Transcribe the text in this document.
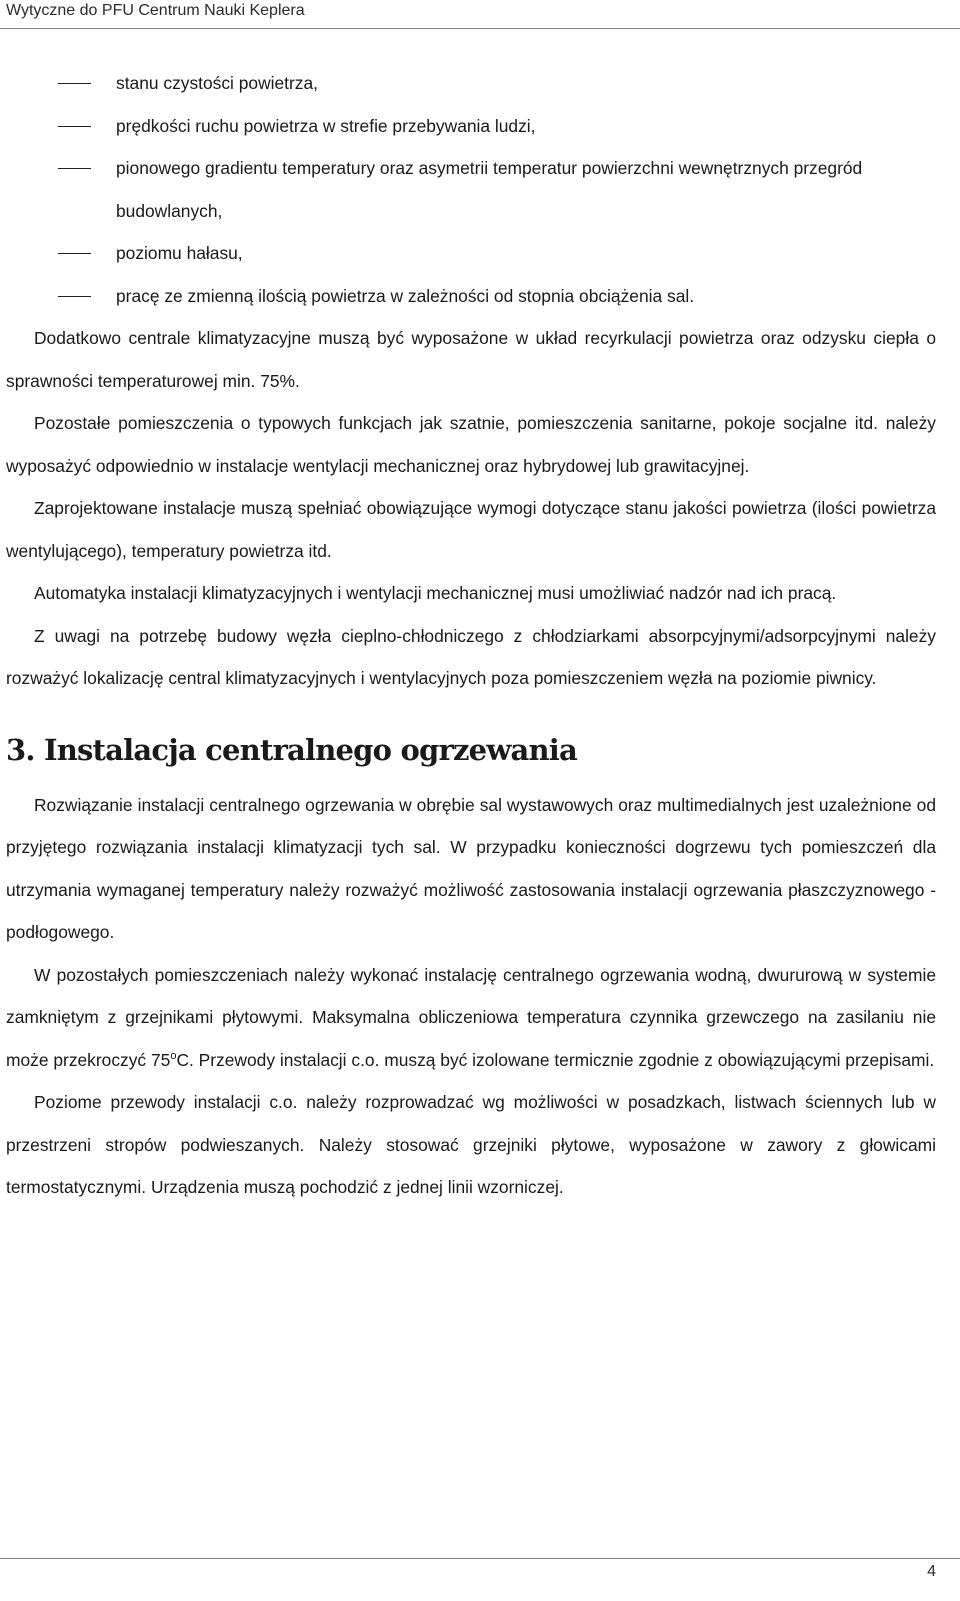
Wytyczne do PFU Centrum Nauki Keplera
stanu czystości powietrza,
prędkości ruchu powietrza w strefie przebywania ludzi,
pionowego gradientu temperatury oraz asymetrii temperatur powierzchni wewnętrznych przegród budowlanych,
poziomu hałasu,
pracę ze zmienną ilością powietrza w zależności od stopnia obciążenia sal.

Dodatkowo centrale klimatyzacyjne muszą być wyposażone w układ recyrkulacji powietrza oraz odzysku ciepła o sprawności temperaturowej min. 75%.

Pozostałe pomieszczenia o typowych funkcjach jak szatnie, pomieszczenia sanitarne, pokoje socjalne itd. należy wyposażyć odpowiednio w instalacje wentylacji mechanicznej oraz hybrydowej lub grawitacyjnej.

Zaprojektowane instalacje muszą spełniać obowiązujące wymogi dotyczące stanu jakości powietrza (ilości powietrza wentylującego), temperatury powietrza itd.

Automatyka instalacji klimatyzacyjnych i wentylacji mechanicznej musi umożliwiać nadzór nad ich pracą.

Z uwagi na potrzebę budowy węzła cieplno-chłodniczego z chłodziarkami absorpcyjnymi/adsorpcyjnymi należy rozważyć lokalizację central klimatyzacyjnych i wentylacyjnych poza pomieszczeniem węzła na poziomie piwnicy.

3. Instalacja centralnego ogrzewania

Rozwiązanie instalacji centralnego ogrzewania w obrębie sal wystawowych oraz multimedialnych jest uzależnione od przyjętego rozwiązania instalacji klimatyzacji tych sal. W przypadku konieczności dogrzewu tych pomieszczeń dla utrzymania wymaganej temperatury należy rozważyć możliwość zastosowania instalacji ogrzewania płaszczyznowego - podłogowego.

W pozostałych pomieszczeniach należy wykonać instalację centralnego ogrzewania wodną, dwururową w systemie zamkniętym z grzejnikami płytowymi. Maksymalna obliczeniowa temperatura czynnika grzewczego na zasilaniu nie może przekroczyć 75$^o$C. Przewody instalacji c.o. muszą być izolowane termicznie zgodnie z obowiązującymi przepisami.

Poziome przewody instalacji c.o. należy rozprowadzać wg możliwości w posadzkach, listwach ściennych lub w przestrzeni stropów podwieszanych. Należy stosować grzejniki płytowe, wyposażone w zawory z głowicami termostatycznymi. Urządzenia muszą pochodzić z jednej linii wzorniczej.

4
